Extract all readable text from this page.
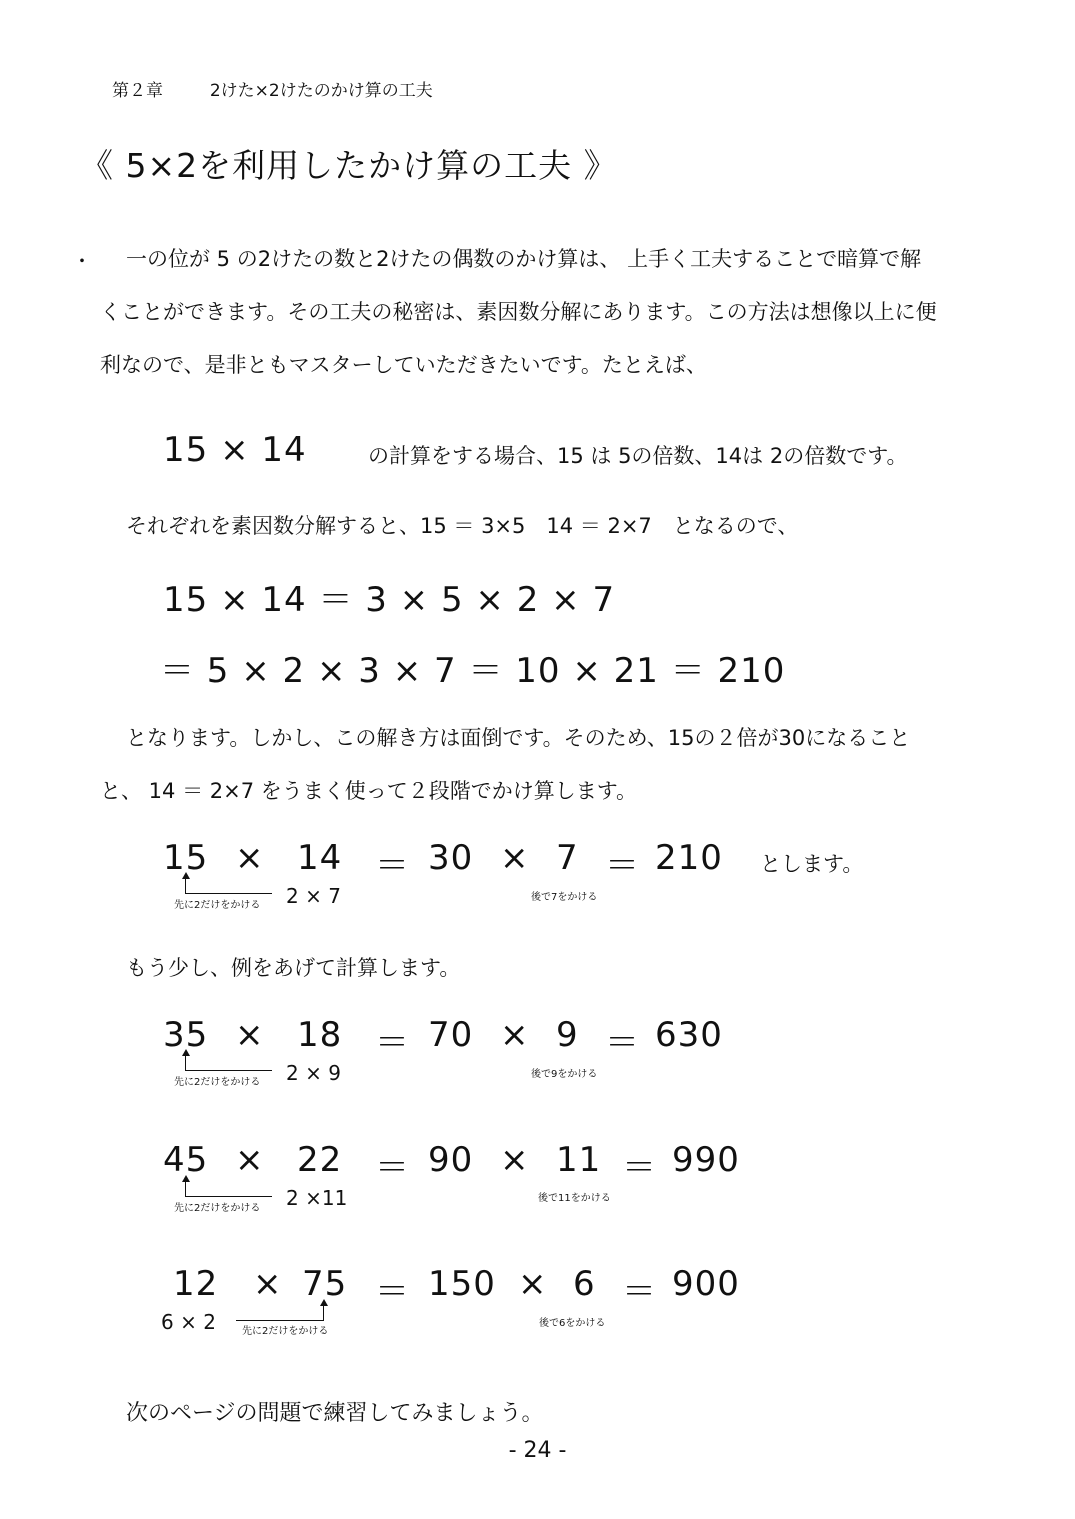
第２章	2けた×2けたのかけ算の工夫
《 5×2を利用したかけ算の工夫 》
・ 一の位が 5 の2けたの数と2けたの偶数のかけ算は、 上手く工夫することで暗算で解
くことができます。その工夫の秘密は、素因数分解にあります。この方法は想像以上に便
利なので、是非ともマスターしていただきたいです。たとえば、
15 × 14	の計算をする場合、15 は 5の倍数、14は 2の倍数です。
それぞれを素因数分解すると、15 ＝ 3×5　14 ＝ 2×7　となるので、
15 × 14 ＝ 3 × 5 × 2 × 7
＝ 5 × 2 × 3 × 7 ＝ 10 × 21 ＝ 210
となります。しかし、この解き方は面倒です。そのため、15の２倍が30になること
と、 14 ＝ 2×7 をうまく使って２段階でかけ算します。
15 × 14 ＝ 30 × 7 ＝ 210 とします。
先に2だけをかける 2 × 7	後で7をかける
もう少し、例をあげて計算します。
35 × 18 ＝ 70 × 9 ＝ 630
先に2だけをかける 2 × 9	後で9をかける
45 × 22 ＝ 90 × 11 ＝ 990
先に2だけをかける 2 ×11	後で11をかける
12 × 75 ＝ 150 × 6 ＝ 900
6 × 2	先に2だけをかける
後で6をかける
次のページの問題で練習してみましょう。
- 24 -
